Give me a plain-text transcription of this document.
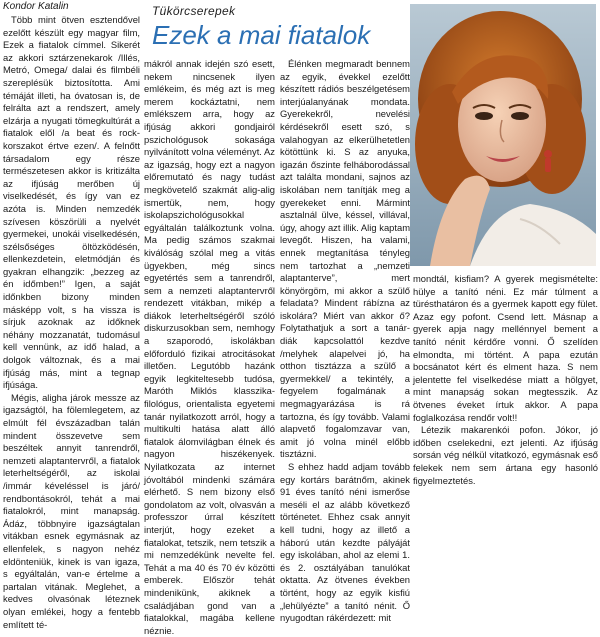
Kondor Katalin

Több mint ötven esztendővel ezelőtt készült egy magyar film, Ezek a fiatalok címmel. Sikerét az akkori sztárzenekarok /Illés, Metró, Omega/ dalai és filmbéli szereplésük biztosította. Ami témáját illeti, ha óvatosan is, de felrálta azt a rendszert, amely elzárja a nyugati tömegkultúrát a fiatalok elől /a beat és rock-korszakot értve ezen/. A felnőtt társadalom egy része természetesen akkor is kritizálta az ifjúság merőben új viselkedését, és így van ez azóta is. Minden nemzedék szívesen köszörüli a nyelvét gyermekei, unokái viselkedésén, szélsőséges öltözködésén, ellenkezdetein, eletmódján és gyakran elhangzik: „bezzeg az én időmben!” Igen, a saját időnkben bizony minden másképp volt, s ha vissza is sírjuk azoknak az időknek néhány mozzanatát, tudomásul kell vennünk, az idő halad, a dolgok változnak, és a mai ifjúság más, mint a tegnap ifjúsága.

Mégis, alighа járok messze az igazságtól, ha fölemlegetem, az elmúlt fél évszázadban talán mindent összevetve sem beszéltek annyit tanrendről, nemzeti alaptantervről, a fiatalok leterheltségéről, az iskolai /immár kéveléssel is járó/ rendbontásokról, tehát a mai fiatalokról, mint manapság. Ádáz, többnyire igazságtalan vitákban esnek egymásnak az ellenfelek, s nagyon nehéz eldönteniük, kinek is van igaza, s egyáltalán, van-e értelme a partalan vitának. Meglehet, a kedves olvasónak léteznek olyan emlékei, hogy a fentebb említett té-

Tükörcserepek
Ezek a mai fiatalok

mákról annak idején szó esett, nekem nincsenek ilyen emlékeim, és még azt is meg merem kockáztatni, nem emlékszem arra, hogy az ifjúság akkori gondjairól pszichológusok sokasága nyilvánított volna véleményt. Az az igazság, hogy ezt a nagyon előremutató és nagy tudást megkövetelő szakmát alig-alig ismertük, nem, hogy iskolapszichológusokkal egyáltalán találkoztunk volna. Ma pedig számos szakmai kiválóság szólal meg a vitás ügyekben, még sincs egyetértés sem a tanrendről, sem a nemzeti alaptantervről rendezett vitákban, mikép a diákok leterheltségéről szóló diskurzusokban sem, nemhogy a szaporodó, iskolákban előforduló fizikai atrocitásokat illetően. Legutóbb hazánk egyik legkiteltesebb tudósa, Maróth Miklós klasszika-filológus, orientalista egyetemi tanár nyilatkozott arról, hogy a multikulti hatása alatt álló fiatalok álomvilágban élnek és nagyon hiszékenyek. Nyilatkozata az internet jóvoltából mindenki számára elérhető. S nem bizony első gondolatom az volt, olvasván a professzor úrral készített interjút, hogy ezeket a fiatalokat, tetszik, nem tetszik a mi nemzedékünk nevelte fel. Tehát a ma 40 és 70 év közötti emberek. Először tehát mindenikünk, akiknek a családjában gond van a fiatalokkal, magába kellene néznie.

Élénken megmaradt bennem az egyik, évekkel ezelőtt készített rádiós beszélgetésem interjúalanyának mondata. Gyerekekről, nevelési kérdésekről esett szó, s valahogyan az elkerülhetetlen kötöttünk ki. S az anyuka, igazán őszinte felháborodással azt találta mondani, sajnos az iskolában nem tanítják meg a gyerekeket enni. Mármint asztalnál ülve, késsel, villával, úgy, ahogy azt illik. Alig kaptam levegőt. Hiszen, ha valami, ennek megtanítása tényleg nem tartozhat a „nemzeti alaptanterve”, mert könyörgöm, mi akkor a szülő feladata? Mindent rábízna az iskolára? Miért van akkor ő? Folytathatjuk a sort a tanár-diák kapcsolattól kezdve /melyhek alapelvei jó, ha otthon tisztázza a szülő a gyermekkel/ a tekintély, a fegyelem fogalmának a megmagyarázása is rá tartozna, és így tovább. Valami alapvető fogalomzavar van, amit jó volna minél előbb tisztázni.

S ehhez hadd adjam tovább egy kortárs barátnőm, akinek 91 éves tanító néni ismerőse meséli el az alább következő történetet. Ehhez csak annyit kell tudni, hogy az illető a háború után kezdte pályáját egy iskolában, ahol az elemi 1. és 2. osztályában tanulókat oktatta. Az ötvenes években történt, hogy az egyik kisfiú „lehülyézte” a tanító nénit. Ő nyugodtan rákérdezett: mit

mondtál, kisfiam? A gyerek megismételte: hülye a tanító néni. Ez már túlment a türésthatáron és a gyermek kapott egy fület. Azaz egy pofont. Csend lett. Másnap a gyerek apja nagy mellénnyel bement a tanító nénit kérdőre vonni. Ő szelíden elmondta, mi történt. A papa ezután bocsánatot kért és elment haza. S nem jelentette fel viselkedése miatt a hölgyet, mint manapság sokan megtesszik. Az ötvenes éveket írtuk akkor. A papa foglalkozása rendőr volt!!

Létezik makarenkói pofon. Jókor, jó időben cselekedni, ezt jelenti. Az ifjúság sorsán vég nélkül vitatkozó, egymásnak eső felekek nem sem ártana egy hasonló figyelmeztetés.
